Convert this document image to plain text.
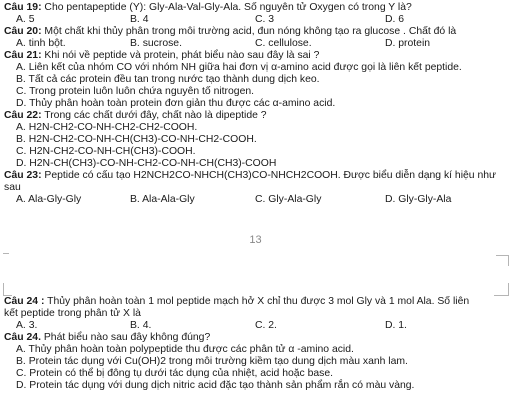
Câu 19: Cho pentapeptide (Y): Gly-Ala-Val-Gly-Ala. Số nguyên tử Oxygen có trong Y là?
A. 5	B. 4	C. 3	D. 6
Câu 20: Một chất khi thủy phân trong môi trường acid, đun nóng không tạo ra glucose . Chất đó là
A. tinh bột.	B. sucrose.	C. cellulose.	D. protein
Câu 21: Khi nói về peptide và protein, phát biểu nào sau đây là sai ?
A. Liên kết của nhóm CO với nhóm NH giữa hai đơn vị α-amino acid được gọi là liên kết peptide.
B. Tất cả các protein đều tan trong nước tạo thành dung dịch keo.
C. Trong protein luôn luôn chứa nguyên tố nitrogen.
D. Thủy phân hoàn toàn protein đơn giản thu được các α-amino acid.
Câu 22: Trong các chất dưới đây, chất nào là dipeptide ?
A. H2N-CH2-CO-NH-CH2-CH2-COOH.
B. H2N-CH2-CO-NH-CH(CH3)-CO-NH-CH2-COOH.
C. H2N-CH2-CO-NH-CH(CH3)-COOH.
D. H2N-CH(CH3)-CO-NH-CH2-CO-NH-CH(CH3)-COOH
Câu 23: Peptide có cấu tạo H2NCH2CO-NHCH(CH3)CO-NHCH2COOH. Được biểu diễn dạng kí hiệu như
sau
A. Ala-Gly-Gly	B. Ala-Ala-Gly	C. Gly-Ala-Gly	D. Gly-Gly-Ala
13
Câu 24 : Thủy phân hoàn toàn 1 mol peptide mạch hở X chỉ thu được 3 mol Gly và 1 mol Ala. Số liên
kết peptide trong phân tử X là
A. 3.	B. 4.	C. 2.	D. 1.
Câu 24. Phát biểu nào sau đây không đúng?
A. Thủy phân hoàn toàn polypeptide thu được các phân tử α -amino acid.
B. Protein tác dụng với Cu(OH)2 trong môi trường kiềm tạo dung dịch màu xanh lam.
C. Protein có thể bị đông tụ dưới tác dụng của nhiệt, acid hoặc base.
D. Protein tác dụng với dung dịch nitric acid đặc tạo thành sản phẩm rắn có màu vàng.
